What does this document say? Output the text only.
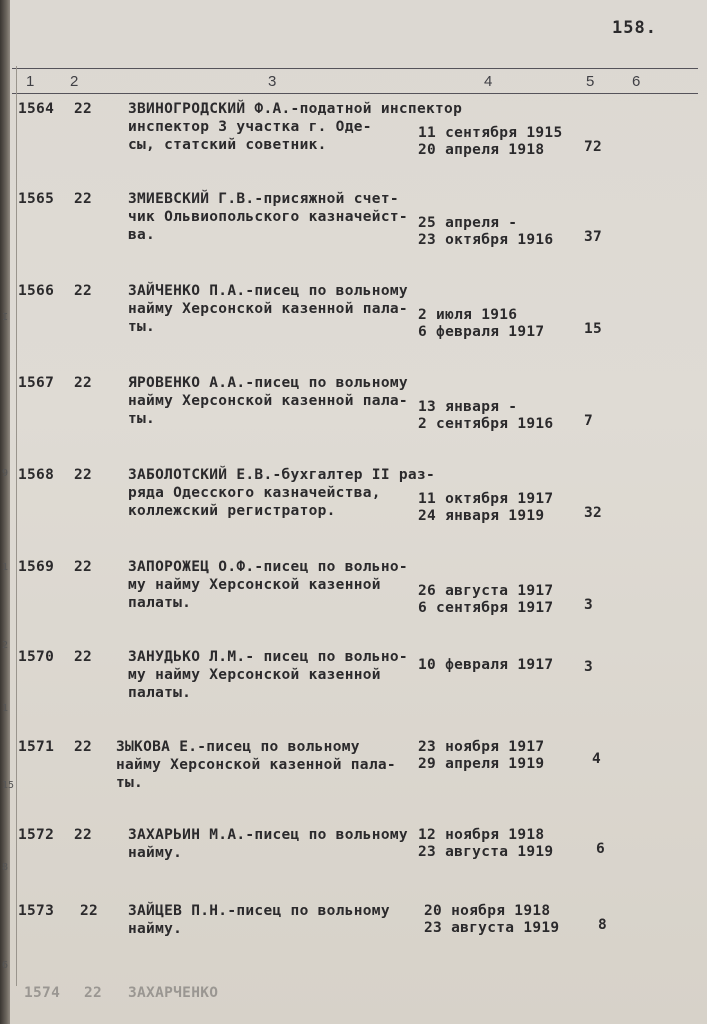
I
9
1
2
1
15
8
6
158.
1 2	3	4	5	6
1564 22 ЗВИНОГРОДСКИЙ Ф.А.-податной инспектор
инспектор 3 участка г. Оде-
сы, статский советник.
11 сентября 1915
20 апреля 1918	72
1565 22 ЗМИЕВСКИЙ Г.В.-присяжной счет-
чик Ольвиопольского казначейст-
ва.
25 апреля -
23 октября 1916 37
1566 22 ЗАЙЧЕНКО П.А.-писец по вольному
найму Херсонской казенной пала-
ты.
2 июля 1916
6 февраля 1917	15
1567 22 ЯРОВЕНКО А.А.-писец по вольному
найму Херсонской казенной пала-
ты.
13 января -
2 сентября 1916 7
1568 22 ЗАБОЛОТСКИЙ Е.В.-бухгалтер II раз-
ряда Одесского казначейства,
коллежский регистратор.
11 октября 1917
24 января 1919	32
1569 22 ЗАПОРОЖЕЦ О.Ф.-писец по вольно-
му найму Херсонской казенной
палаты.
26 августа 1917
6 сентября 1917 3
1570 22 ЗАНУДЬКО Л.М.- писец по вольно-
му найму Херсонской казенной
палаты.
10 февраля 1917 3
1571 22 ЗЫКОВА Е.-писец по вольному
найму Херсонской казенной пала-
ты.
23 ноября 1917
29 апреля 1919	4
1572 22 ЗАХАРЬИН М.А.-писец по вольному
найму.
12 ноября 1918
23 августа 1919	6
1573 22 ЗАЙЦЕВ П.Н.-писец по вольному
найму.
20 ноября 1918
23 августа 1919	8
1574 22 ЗАХАРЧЕНКО
